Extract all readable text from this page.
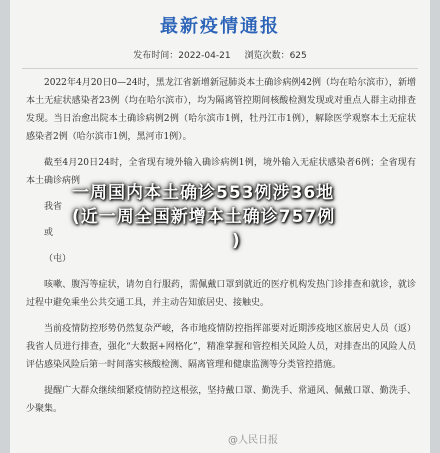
最新疫情通报
发布时间：2022-04-21 浏览次数：625

2022年4月20日0—24时，黑龙江省新增新冠肺炎本土确诊病例42例（均在哈尔滨市），新增本土无症状感染者23例（均在哈尔滨市），均为隔离管控期间核酸检测发现或对重点人群主动排查发现。当日治愈出院本土确诊病例2例（哈尔滨市1例，牡丹江市1例），解除医学观察本土无症状感染者2例（哈尔滨市1例，黑河市1例）。

截至4月20日24时，全省现有境外输入确诊病例1例，境外输入无症状感染者6例；全省现有本土确诊病例

我省

或

（屯）

咳嗽、腹泻等症状，请勿自行服药，需佩戴口罩到就近的医疗机构发热门诊排查和就诊，就诊过程中避免乘坐公共交通工具，并主动告知旅居史、接触史。

当前疫情防控形势仍然复杂严峻，各市地疫情防控指挥部要对近期涉疫地区旅居史人员（返）我省人员进行排查，强化“大数据+网格化”，精准掌握和管控相关风险人员，对排查出的风险人员评估感染风险后第一时间落实核酸检测、隔离管理和健康监测等分类管控措施。

提醒广大群众继续细紧疫情防控这根弦，坚持戴口罩、勤洗手、常通风、佩戴口罩、勤洗手、少聚集。

一周国内本土确诊553例涉36地
(近一周全国新增本土确诊757例
)
@人民日报
